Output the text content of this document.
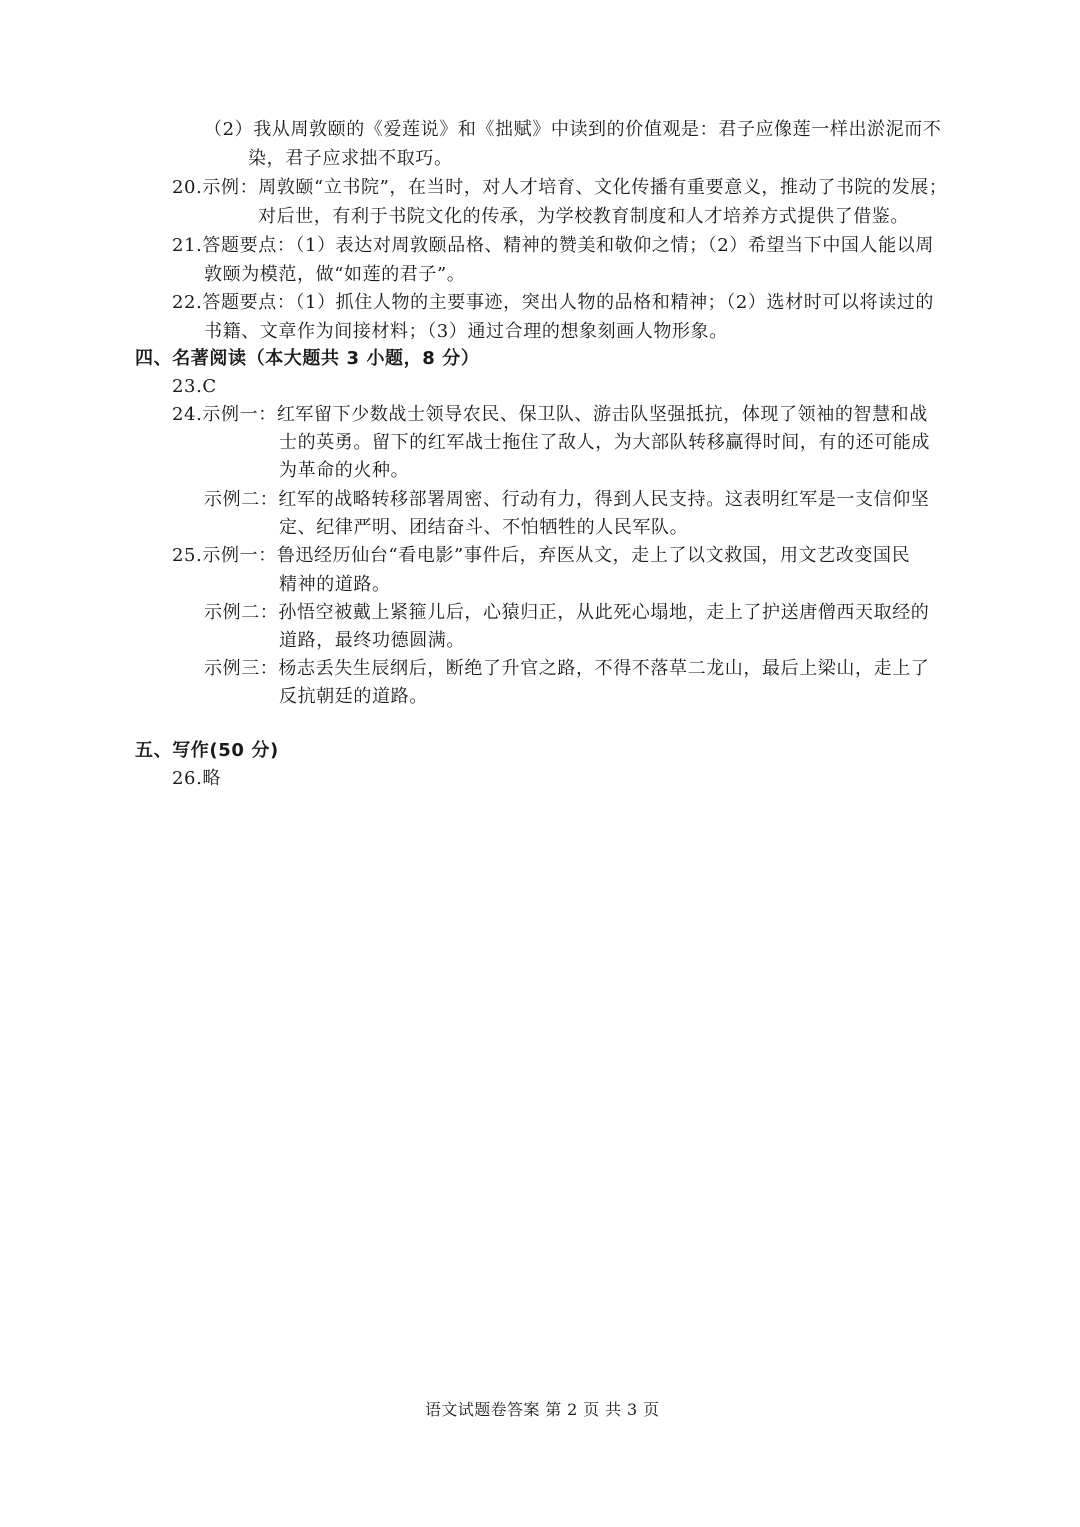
（2）我从周敦颐的《爱莲说》和《拙赋》中读到的价值观是：君子应像莲一样出淤泥而不
染，君子应求拙不取巧。
20.示例：周敦颐“立书院”，在当时，对人才培育、文化传播有重要意义，推动了书院的发展；
对后世，有利于书院文化的传承，为学校教育制度和人才培养方式提供了借鉴。
21.答题要点：（1）表达对周敦颐品格、精神的赞美和敬仰之情；（2）希望当下中国人能以周
敦颐为模范，做“如莲的君子”。
22.答题要点：（1）抓住人物的主要事迹，突出人物的品格和精神；（2）选材时可以将读过的
书籍、文章作为间接材料；（3）通过合理的想象刻画人物形象。
四、名著阅读（本大题共 3 小题，8 分）
23.C
24.示例一：红军留下少数战士领导农民、保卫队、游击队坚强抵抗，体现了领袖的智慧和战
士的英勇。留下的红军战士拖住了敌人，为大部队转移赢得时间，有的还可能成
为革命的火种。
示例二：红军的战略转移部署周密、行动有力，得到人民支持。这表明红军是一支信仰坚
定、纪律严明、团结奋斗、不怕牺牲的人民军队。
25.示例一：鲁迅经历仙台“看电影”事件后，弃医从文，走上了以文救国，用文艺改变国民
精神的道路。
示例二：孙悟空被戴上紧箍儿后，心猿归正，从此死心塌地，走上了护送唐僧西天取经的
道路，最终功德圆满。
示例三：杨志丢失生辰纲后，断绝了升官之路，不得不落草二龙山，最后上梁山，走上了
反抗朝廷的道路。
五、写作(50 分)
26.略
语文试题卷答案 第 2 页 共 3 页
